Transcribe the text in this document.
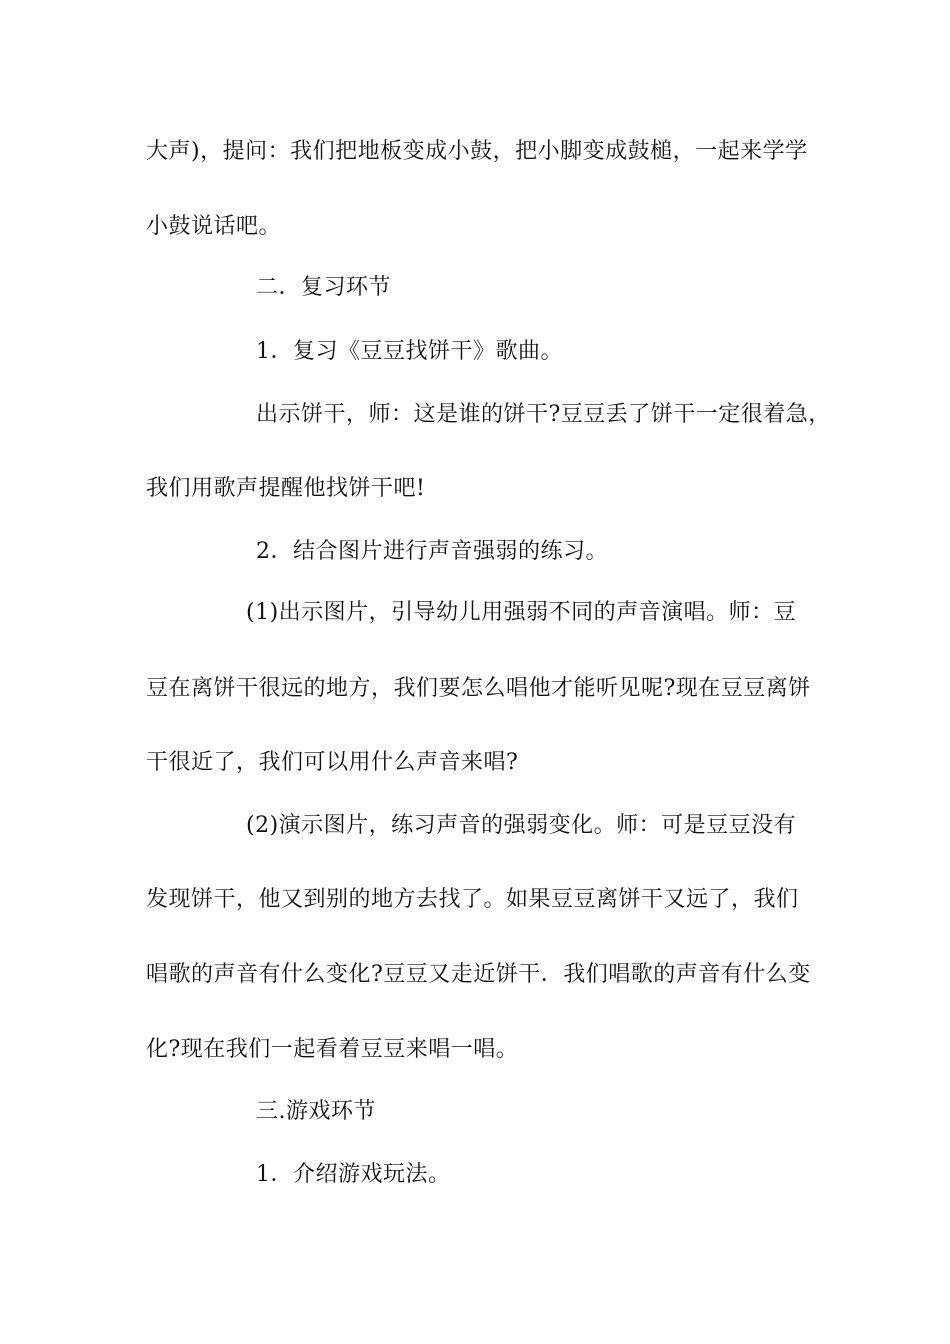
大声)，提问：我们把地板变成小鼓，把小脚变成鼓槌，一起来学学
小鼓说话吧。
二．复习环节
1．复习《豆豆找饼干》歌曲。
出示饼干，师：这是谁的饼干?豆豆丢了饼干一定很着急，
我们用歌声提醒他找饼干吧!
2．结合图片进行声音强弱的练习。
(1)出示图片，引导幼儿用强弱不同的声音演唱。师：豆
豆在离饼干很远的地方，我们要怎么唱他才能听见呢?现在豆豆离饼
干很近了，我们可以用什么声音来唱?
(2)演示图片，练习声音的强弱变化。师：可是豆豆没有
发现饼干，他又到别的地方去找了。如果豆豆离饼干又远了，我们
唱歌的声音有什么变化?豆豆又走近饼干．我们唱歌的声音有什么变
化?现在我们一起看着豆豆来唱一唱。
三.游戏环节
1．介绍游戏玩法。
